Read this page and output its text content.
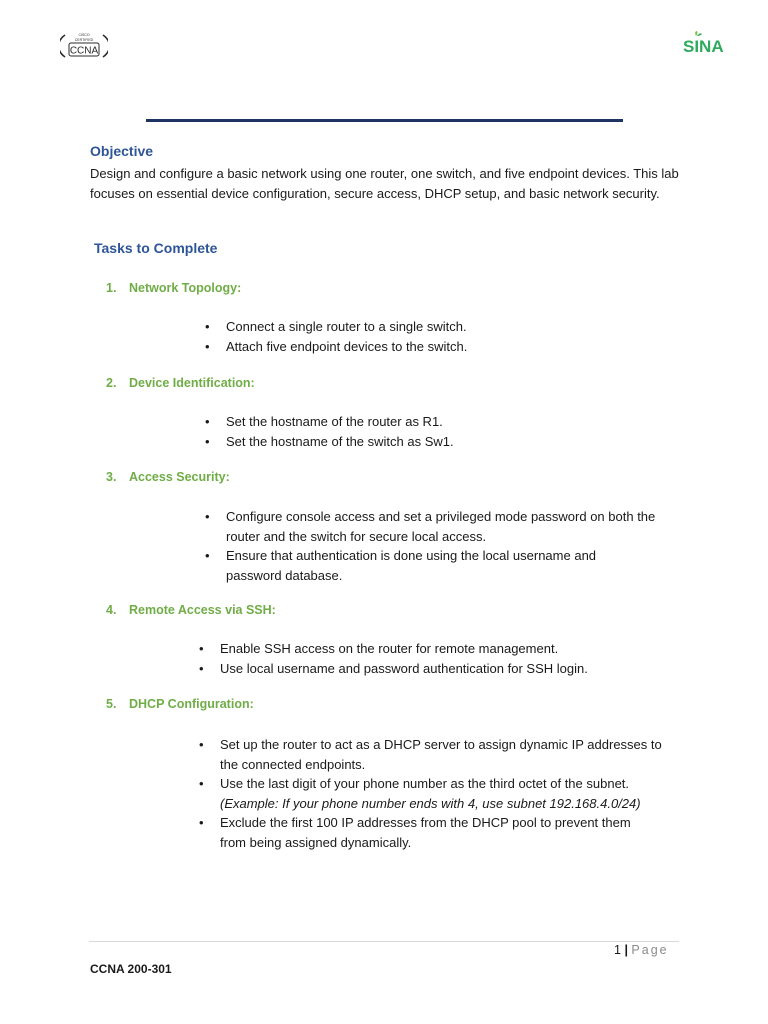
CISCO
CERTIFIED
CCNA	SINA
Objective
Design and configure a basic network using one router, one switch, and five endpoint devices. This lab focuses on essential device configuration, secure access, DHCP setup, and basic network security.
Tasks to Complete
1. Network Topology:
• Connect a single router to a single switch.
• Attach five endpoint devices to the switch.
2. Device Identification:
• Set the hostname of the router as R1.
• Set the hostname of the switch as Sw1.
3. Access Security:
• Configure console access and set a privileged mode password on both the router and the switch for secure local access.
• Ensure that authentication is done using the local username and password database.
4. Remote Access via SSH:
• Enable SSH access on the router for remote management.
• Use local username and password authentication for SSH login.
5. DHCP Configuration:
• Set up the router to act as a DHCP server to assign dynamic IP addresses to the connected endpoints.
• Use the last digit of your phone number as the third octet of the subnet.
(Example: If your phone number ends with 4, use subnet 192.168.4.0/24)
• Exclude the first 100 IP addresses from the DHCP pool to prevent them from being assigned dynamically.
1 | Page
CCNA 200-301
